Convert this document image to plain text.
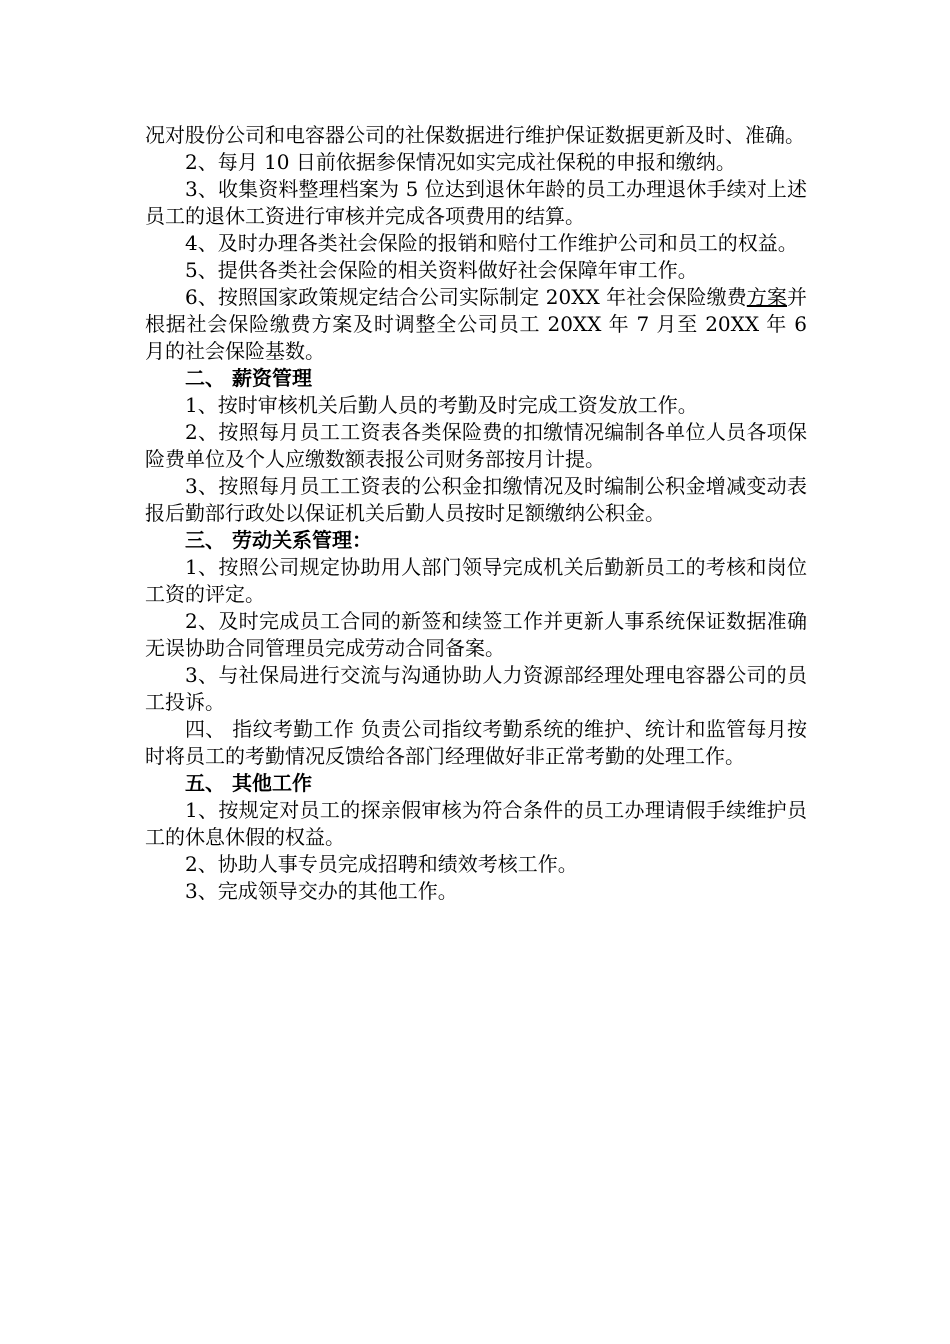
况对股份公司和电容器公司的社保数据进行维护保证数据更新及时、准确。

2、每月 10 日前依据参保情况如实完成社保税的申报和缴纳。

3、收集资料整理档案为 5 位达到退休年龄的员工办理退休手续对上述员工的退休工资进行审核并完成各项费用的结算。

4、及时办理各类社会保险的报销和赔付工作维护公司和员工的权益。

5、提供各类社会保险的相关资料做好社会保障年审工作。

6、按照国家政策规定结合公司实际制定 20XX 年社会保险缴费方案并根据社会保险缴费方案及时调整全公司员工 20XX 年 7 月至 20XX 年 6 月的社会保险基数。

二、 薪资管理

1、按时审核机关后勤人员的考勤及时完成工资发放工作。

2、按照每月员工工资表各类保险费的扣缴情况编制各单位人员各项保险费单位及个人应缴数额表报公司财务部按月计提。

3、按照每月员工工资表的公积金扣缴情况及时编制公积金增减变动表报后勤部行政处以保证机关后勤人员按时足额缴纳公积金。

三、 劳动关系管理：

1、按照公司规定协助用人部门领导完成机关后勤新员工的考核和岗位工资的评定。

2、及时完成员工合同的新签和续签工作并更新人事系统保证数据准确无误协助合同管理员完成劳动合同备案。

3、与社保局进行交流与沟通协助人力资源部经理处理电容器公司的员工投诉。

四、 指纹考勤工作 负责公司指纹考勤系统的维护、统计和监管每月按时将员工的考勤情况反馈给各部门经理做好非正常考勤的处理工作。

五、 其他工作

1、按规定对员工的探亲假审核为符合条件的员工办理请假手续维护员工的休息休假的权益。

2、协助人事专员完成招聘和绩效考核工作。

3、完成领导交办的其他工作。
